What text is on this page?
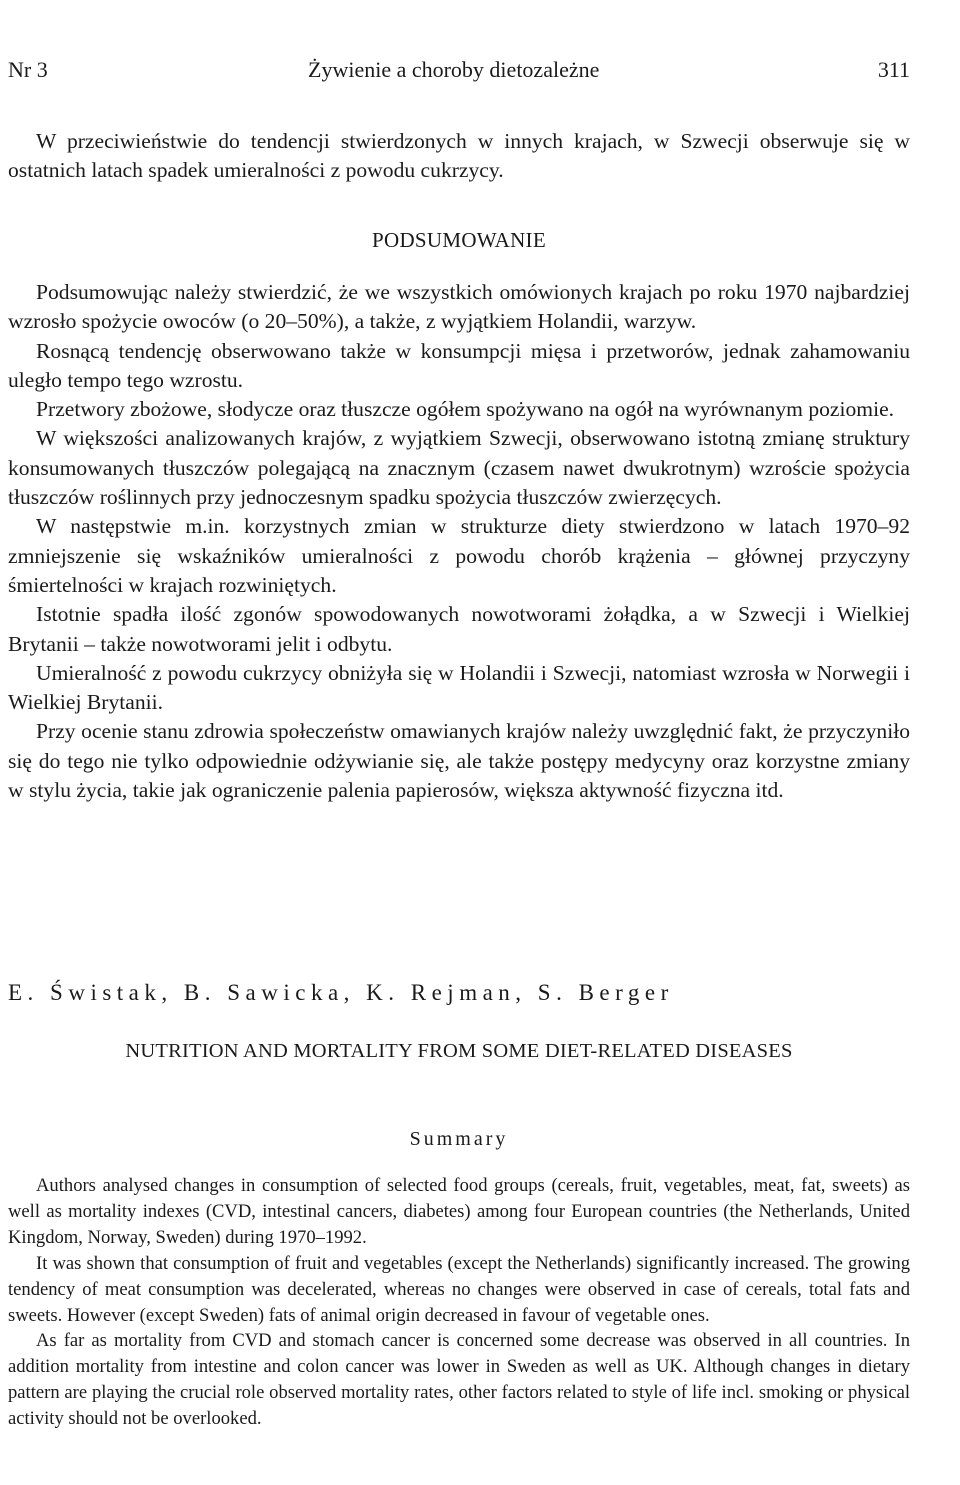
Nr 3	Żywienie a choroby dietozależne	311

W przeciwieństwie do tendencji stwierdzonych w innych krajach, w Szwecji obserwuje się w ostatnich latach spadek umieralności z powodu cukrzycy.

PODSUMOWANIE

Podsumowując należy stwierdzić, że we wszystkich omówionych krajach po roku 1970 najbardziej wzrosło spożycie owoców (o 20–50%), a także, z wyjątkiem Holandii, warzyw.

Rosnącą tendencję obserwowano także w konsumpcji mięsa i przetworów, jednak zahamowaniu uległo tempo tego wzrostu.

Przetwory zbożowe, słodycze oraz tłuszcze ogółem spożywano na ogół na wyrównanym poziomie.

W większości analizowanych krajów, z wyjątkiem Szwecji, obserwowano istotną zmianę struktury konsumowanych tłuszczów polegającą na znacznym (czasem nawet dwukrotnym) wzroście spożycia tłuszczów roślinnych przy jednoczesnym spadku spożycia tłuszczów zwierzęcych.

W następstwie m.in. korzystnych zmian w strukturze diety stwierdzono w latach 1970–92 zmniejszenie się wskaźników umieralności z powodu chorób krążenia – głównej przyczyny śmiertelności w krajach rozwiniętych.

Istotnie spadła ilość zgonów spowodowanych nowotworami żołądka, a w Szwecji i Wielkiej Brytanii – także nowotworami jelit i odbytu.

Umieralność z powodu cukrzycy obniżyła się w Holandii i Szwecji, natomiast wzrosła w Norwegii i Wielkiej Brytanii.

Przy ocenie stanu zdrowia społeczeństw omawianych krajów należy uwzględnić fakt, że przyczyniło się do tego nie tylko odpowiednie odżywianie się, ale także postępy medycyny oraz korzystne zmiany w stylu życia, takie jak ograniczenie palenia papierosów, większa aktywność fizyczna itd.

E. Świstak, B. Sawicka, K. Rejman, S. Berger
NUTRITION AND MORTALITY FROM SOME DIET-RELATED DISEASES
Summary

Authors analysed changes in consumption of selected food groups (cereals, fruit, vegetables, meat, fat, sweets) as well as mortality indexes (CVD, intestinal cancers, diabetes) among four European countries (the Netherlands, United Kingdom, Norway, Sweden) during 1970–1992.

It was shown that consumption of fruit and vegetables (except the Netherlands) significantly increased. The growing tendency of meat consumption was decelerated, whereas no changes were observed in case of cereals, total fats and sweets. However (except Sweden) fats of animal origin decreased in favour of vegetable ones.

As far as mortality from CVD and stomach cancer is concerned some decrease was observed in all countries. In addition mortality from intestine and colon cancer was lower in Sweden as well as UK. Although changes in dietary pattern are playing the crucial role observed mortality rates, other factors related to style of life incl. smoking or physical activity should not be overlooked.
